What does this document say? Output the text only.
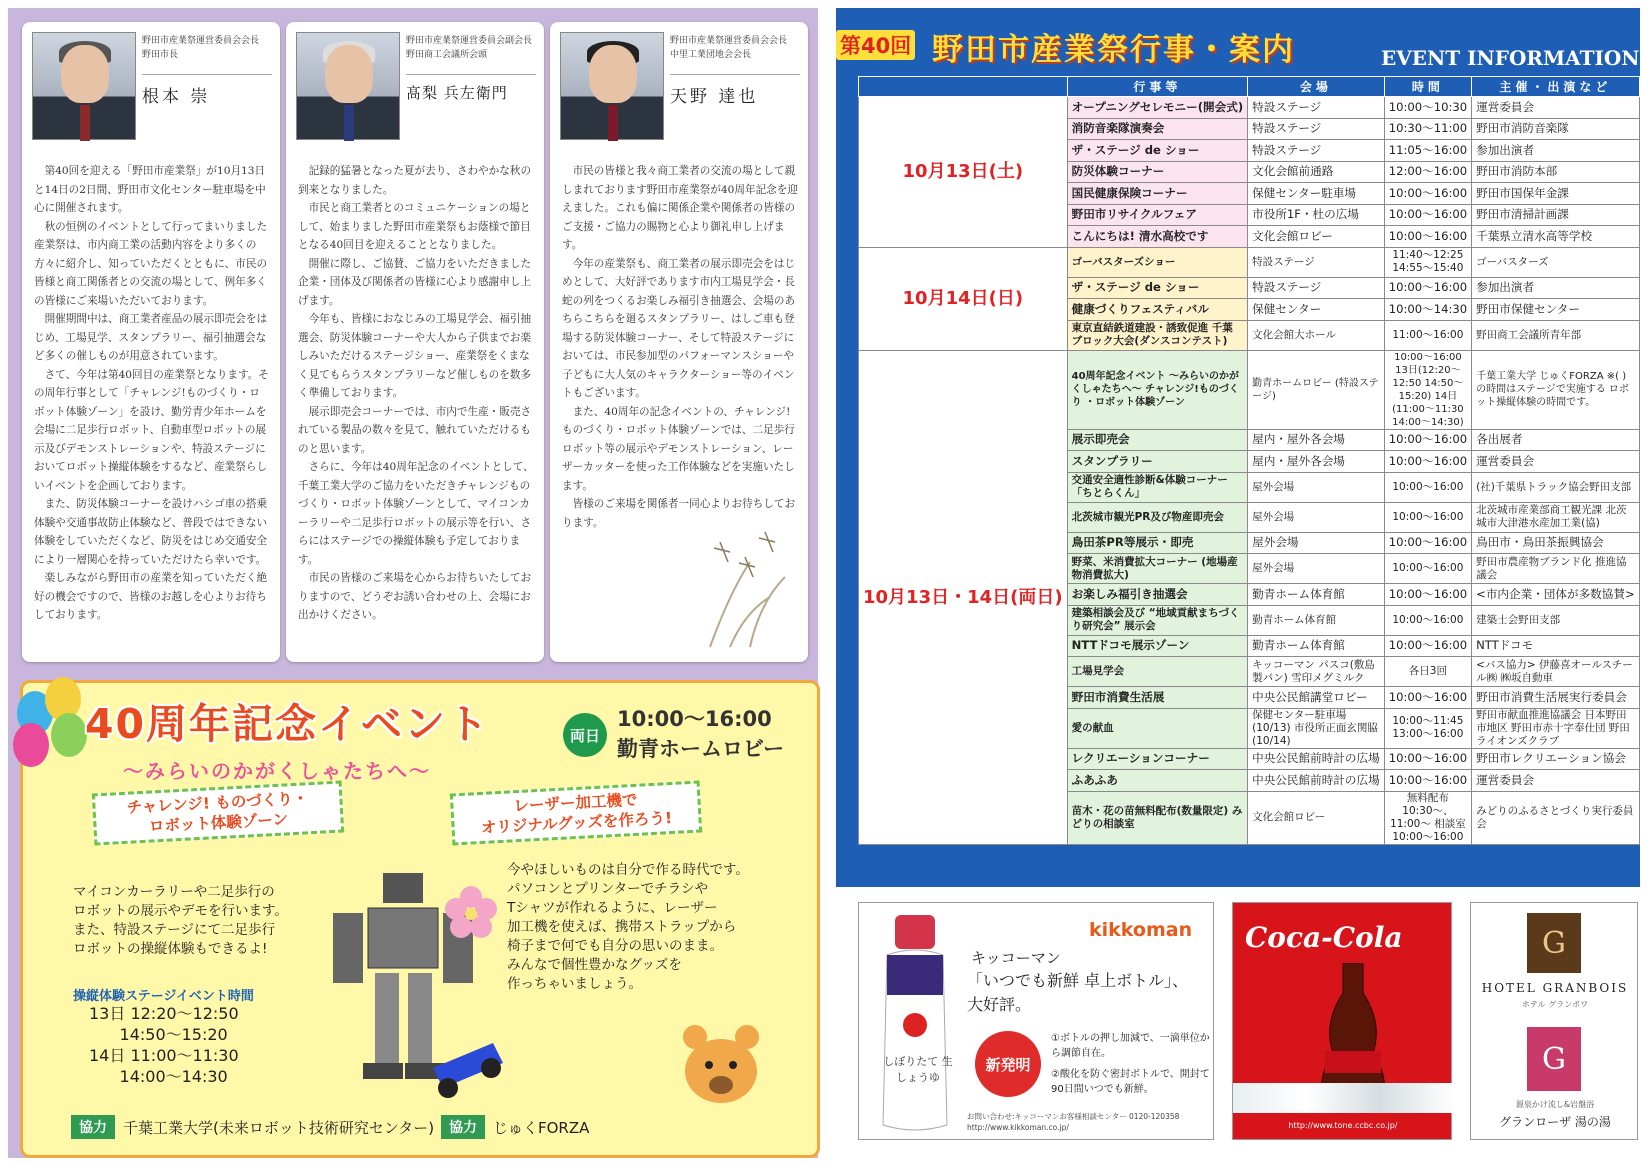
野田市産業祭運営委員会会長
野田市長
根本 崇

第40回を迎える「野田市産業祭」が10月13日と14日の2日間、野田市文化センター駐車場を中心に開催されます。

秋の恒例のイベントとして行ってまいりました産業祭は、市内商工業の活動内容をより多くの方々に紹介し、知っていただくとともに、市民の皆様と商工関係者との交流の場として、例年多くの皆様にご来場いただいております。

開催期間中は、商工業者産品の展示即売会をはじめ、工場見学、スタンプラリー、福引抽選会など多くの催しものが用意されています。

さて、今年は第40回目の産業祭となります。その周年行事として「チャレンジ!ものづくり・ロボット体験ゾーン」を設け、勤労青少年ホームを会場に二足歩行ロボット、自動車型ロボットの展示及びデモンストレーションや、特設ステージにおいてロボット操縦体験をするなど、産業祭らしいイベントを企画しております。

また、防災体験コーナーを設けハシゴ車の搭乗体験や交通事故防止体験など、普段ではできない体験をしていただくなど、防災をはじめ交通安全により一層関心を持っていただけたら幸いです。

楽しみながら野田市の産業を知っていただく絶好の機会ですので、皆様のお越しを心よりお待ちしております。

野田市産業祭運営委員会副会長
野田商工会議所会頭
髙梨 兵左衛門

記録的猛暑となった夏が去り、さわやかな秋の到来となりました。

市民と商工業者とのコミュニケーションの場として、始まりました野田市産業祭もお蔭様で節目となる40回目を迎えることとなりました。

開催に際し、ご協賛、ご協力をいただきました企業・団体及び関係者の皆様に心より感謝申し上げます。

今年も、皆様におなじみの工場見学会、福引抽選会、防災体験コーナーや大人から子供までお楽しみいただけるステージショー、産業祭をくまなく見てもらうスタンプラリーなど催しものを数多く準備しております。

展示即売会コーナーでは、市内で生産・販売されている製品の数々を見て、触れていただけるものと思います。

さらに、今年は40周年記念のイベントとして、千葉工業大学のご協力をいただきチャレンジものづくり・ロボット体験ゾーンとして、マイコンカーラリーや二足歩行ロボットの展示等を行い、さらにはステージでの操縦体験も予定しております。

市民の皆様のご来場を心からお待ちいたしておりますので、どうぞお誘い合わせの上、会場にお出かけください。

野田市産業祭運営委員会会長
中里工業団地会会長
天野 達也

市民の皆様と我々商工業者の交流の場として親しまれております野田市産業祭が40周年記念を迎えました。これも偏に関係企業や関係者の皆様のご支援・ご協力の賜物と心より御礼申し上げます。

今年の産業祭も、商工業者の展示即売会をはじめとして、大好評であります市内工場見学会・長蛇の列をつくるお楽しみ福引き抽選会、会場のあちらこちらを廻るスタンプラリー、はしご車も登場する防災体験コーナー、そして特設ステージにおいては、市民参加型のパフォーマンスショーや子どもに大人気のキャラクターショー等のイベントもございます。

また、40周年の記念イベントの、チャレンジ!ものづくり・ロボット体験ゾーンでは、二足歩行ロボット等の展示やデモンストレーション、レーザーカッターを使った工作体験などを実施いたします。

皆様のご来場を関係者一同心よりお待ちしております。

40周年記念イベント
〜みらいのかがくしゃたちへ〜
両日
10:00〜16:00
勤青ホームロビー
チャレンジ! ものづくり・
ロボット体験ゾーン
レーザー加工機で
オリジナルグッズを作ろう!
マイコンカーラリーや二足歩行の
ロボットの展示やデモを行います。
また、特設ステージにて二足歩行
ロボットの操縦体験もできるよ!
操縦体験ステージイベント時間
13日 12:20〜12:50
14:50〜15:20
14日 11:00〜11:30
14:00〜14:30
今やほしいものは自分で作る時代です。
パソコンとプリンターでチラシや
Tシャツが作れるように、レーザー
加工機を使えば、携帯ストラップから
椅子まで何でも自分の思いのまま。
みんなで個性豊かなグッズを
作っちゃいましょう。
協力	千葉工業大学(未来ロボット技術研究センター)	協力	じゅくFORZA
第40回 野田市産業祭行事・案内	EVENT INFORMATION
	行事等	会場	時間	主催・出演など
10月13日(土)	オープニングセレモニー(開会式)	特設ステージ	10:00〜10:30	運営委員会
	消防音楽隊演奏会	特設ステージ	10:30〜11:00	野田市消防音楽隊
	ザ・ステージ de ショー	特設ステージ	11:05〜16:00	参加出演者
	防災体験コーナー	文化会館前通路	12:00〜16:00	野田市消防本部
	国民健康保険コーナー	保健センター駐車場	10:00〜16:00	野田市国保年金課
	野田市リサイクルフェア	市役所1F・杜の広場	10:00〜16:00	野田市清掃計画課
	こんにちは! 清水高校です	文化会館ロビー	10:00〜16:00	千葉県立清水高等学校
10月14日(日)	ゴーバスターズショー	特設ステージ	11:40〜12:25 14:55〜15:40	ゴーバスターズ
	ザ・ステージ de ショー	特設ステージ	10:00〜16:00	参加出演者
	健康づくりフェスティバル	保健センター	10:00〜14:30	野田市保健センター
	東京直結鉄道建設・誘致促進 千葉ブロック大会(ダンスコンテスト)	文化会館大ホール	11:00〜16:00	野田商工会議所青年部
10月13日・14日(両日)	40周年記念イベント 〜みらいのかがくしゃたちへ〜 チャレンジ!ものづくり ・ロボット体験ゾーン	勤青ホームロビー (特設ステージ)	10:00〜16:00 13日(12:20〜12:50 14:50〜15:20) 14日(11:00〜11:30 14:00〜14:30)	千葉工業大学 じゅくFORZA ※( )の時間はステージで実施する ロボット操縦体験の時間です。
	展示即売会	屋内・屋外各会場	10:00〜16:00	各出展者
	スタンプラリー	屋内・屋外各会場	10:00〜16:00	運営委員会
	交通安全適性診断&体験コーナー 「ちとらくん」	屋外会場	10:00〜16:00	(社)千葉県トラック協会野田支部
	北茨城市観光PR及び物産即売会	屋外会場	10:00〜16:00	北茨城市産業部商工観光課 北茨城市大津港水産加工業(協)
	鳥田茶PR等展示・即売	屋外会場	10:00〜16:00	鳥田市・鳥田茶振興協会
	野菜、米消費拡大コーナー (地場産物消費拡大)	屋外会場	10:00〜16:00	野田市農産物ブランド化 推進協議会
	お楽しみ福引き抽選会	勤青ホーム体育館	10:00〜16:00	<市内企業・団体が多数協賛>
	建築相談会及び “地域貢献まちづくり研究会” 展示会	勤青ホーム体育館	10:00〜16:00	建築士会野田支部
	NTTドコモ展示ゾーン	勤青ホーム体育館	10:00〜16:00	NTTドコモ
	工場見学会	キッコーマン パスコ(敷島製パン) 雪印メグミルク	各日3回	<バス協力> 伊藤喜オールスチール㈱ ㈱坂自動車
	野田市消費生活展	中央公民館講堂ロビー	10:00〜16:00	野田市消費生活展実行委員会
	愛の献血	保健センター駐車場(10/13) 市役所正面玄関脇(10/14)	10:00〜11:45 13:00〜16:00	野田市献血推進協議会 日本野田市地区 野田市赤十字奉仕団 野田ライオンズクラブ
	レクリエーションコーナー	中央公民館前時計の広場	10:00〜16:00	野田市レクリエーション協会
	ふあふあ	中央公民館前時計の広場	10:00〜16:00	運営委員会
	苗木・花の苗無料配布(数量限定) みどりの相談室	文化会館ロビー	無料配布10:30〜、11:00〜 相談室 10:00〜16:00	みどりのふるさとづくり実行委員会
kikkoman
しぼりたて 生しょうゆ
キッコーマン
「いつでも新鮮 卓上ボトル」、
大好評。
新発明
①ボトルの押し加減で、一滴単位から調節自在。
②酸化を防ぐ密封ボトルで、開封て90日間いつでも新鮮。
お問い合わせ:キッコーマンお客様相談センター 0120-120358
http://www.kikkoman.co.jp/
Coca-Cola
http://www.tone.ccbc.co.jp/
G
HOTEL GRANBOIS
ホテル グランボワ
G
源泉かけ流し&岩盤浴
グランローザ 湯の湯
